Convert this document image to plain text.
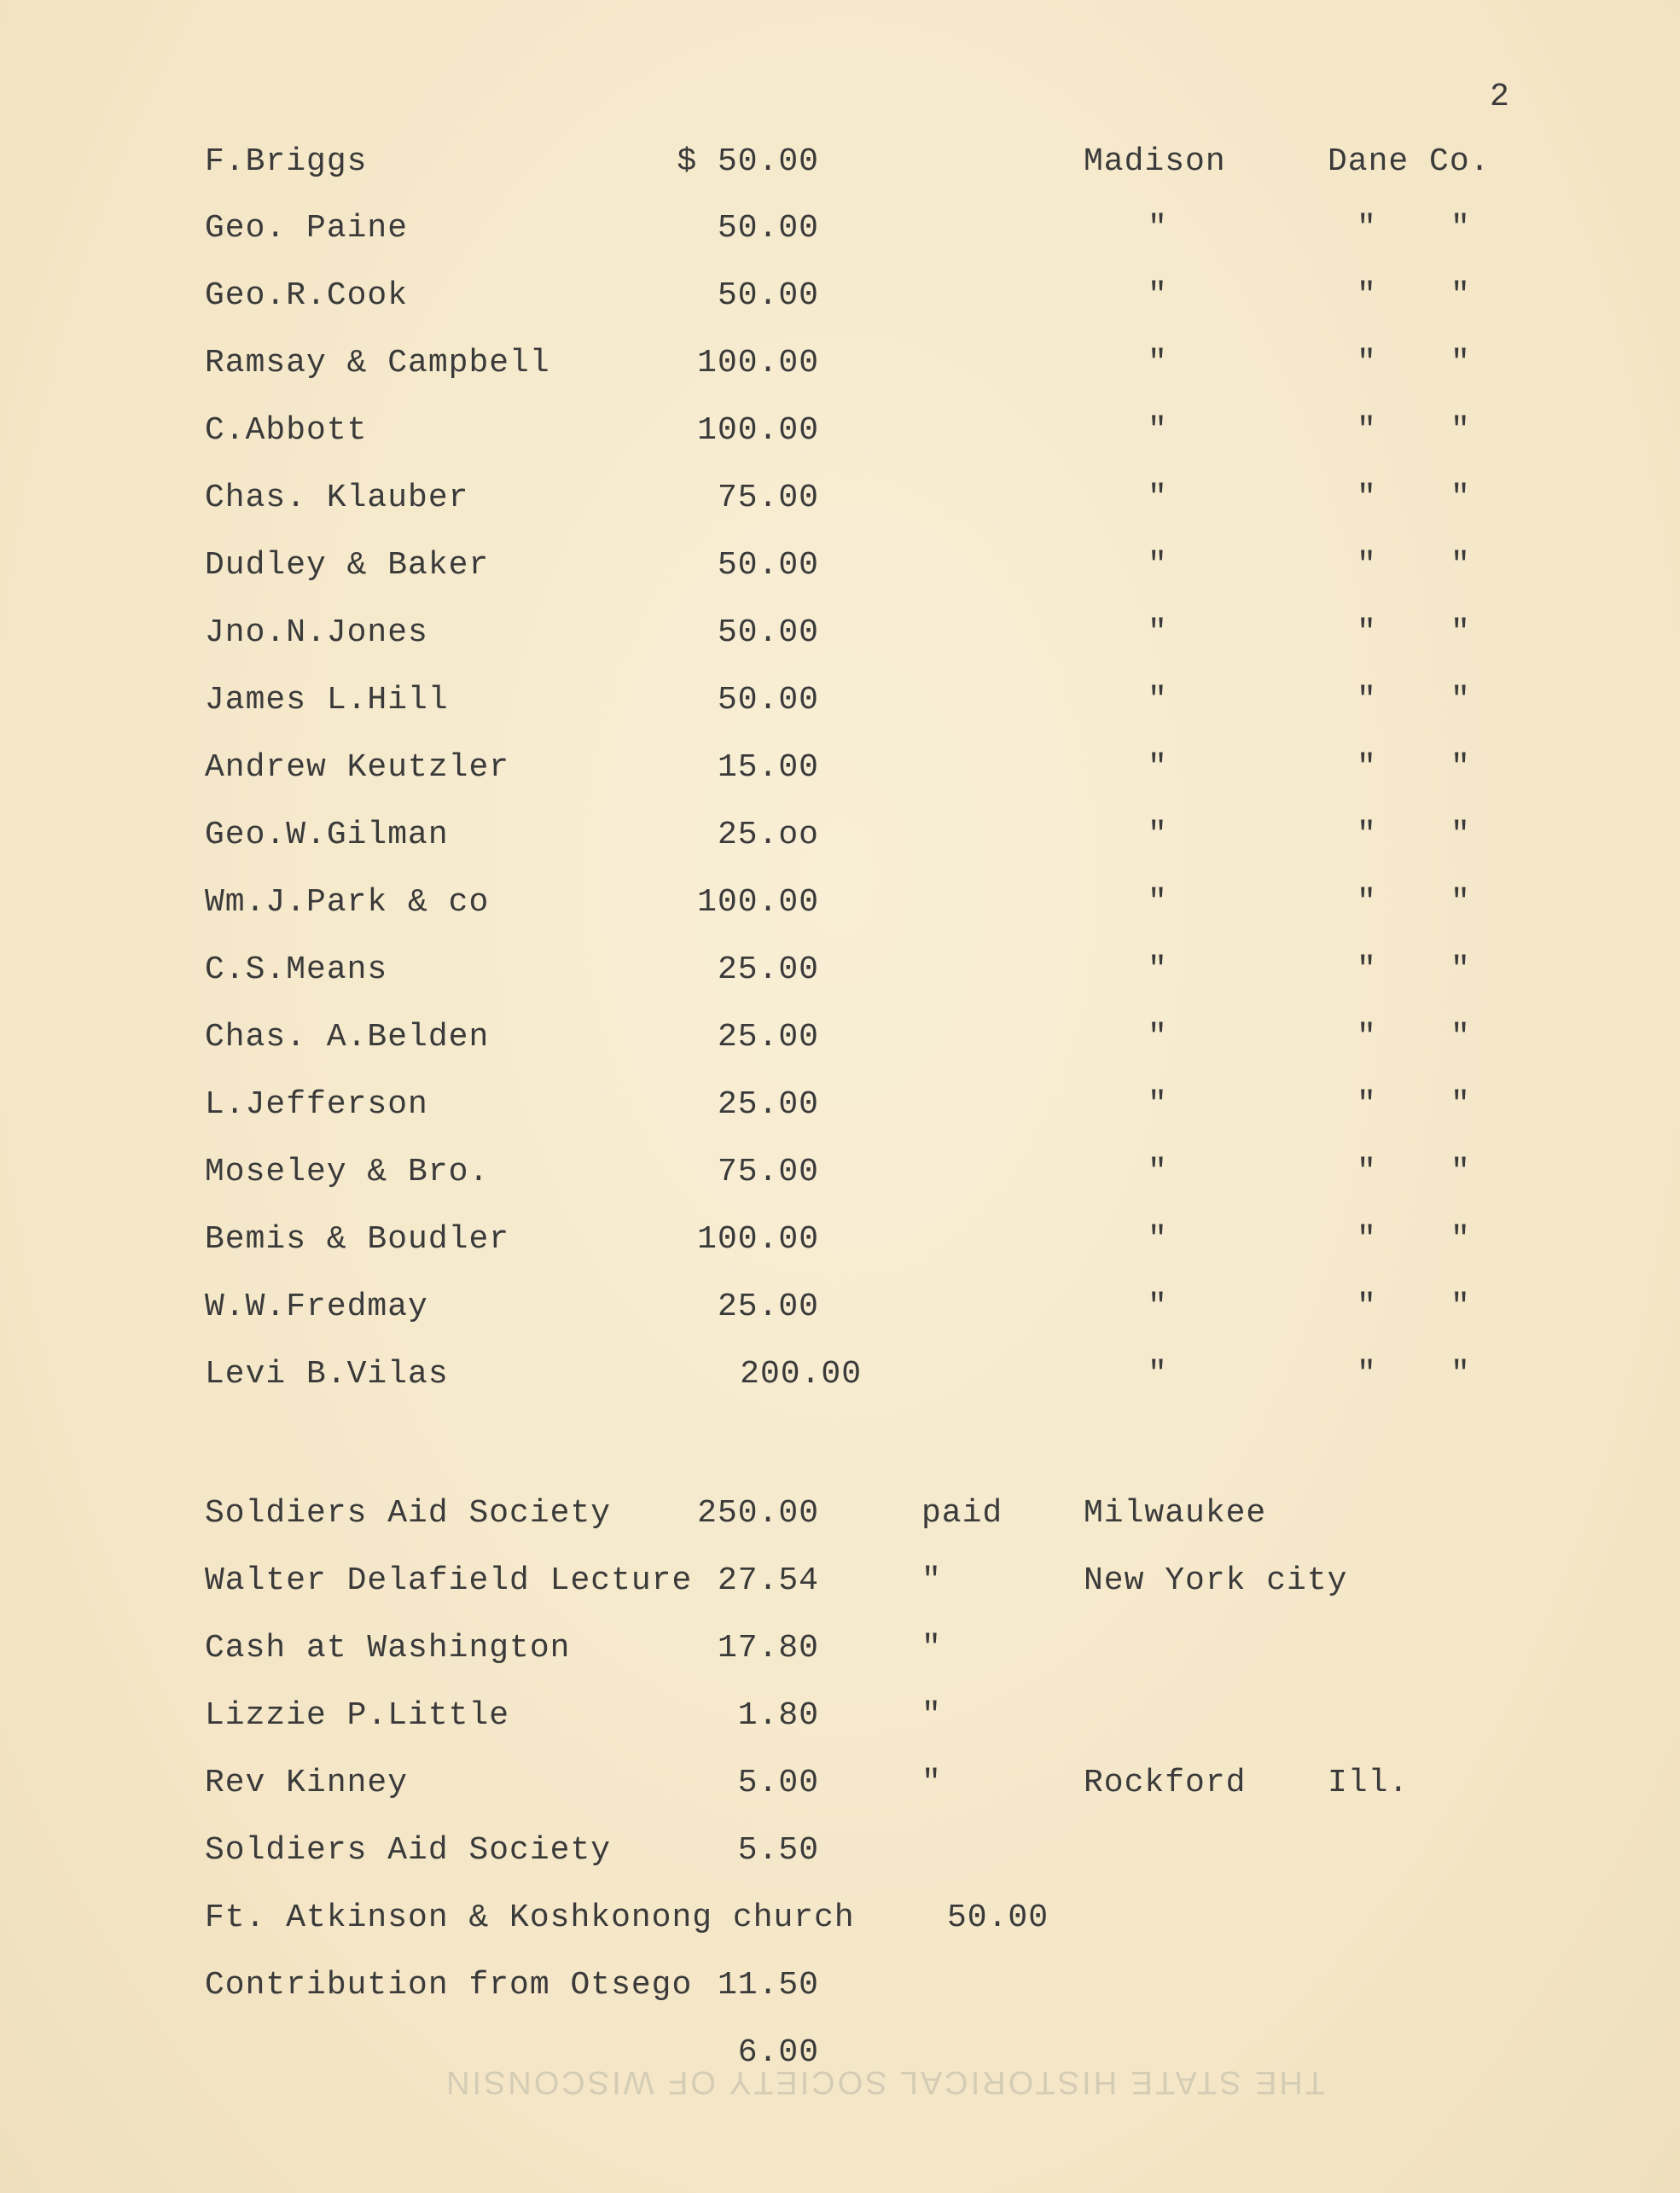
2
F.Briggs	$ 50.00	Madison	Dane Co.
Geo. Paine	50.00	"	" "
Geo.R.Cook	50.00	"	" "
Ramsay & Campbell	100.00	"	" "
C.Abbott	100.00	"	" "
Chas. Klauber	75.00	"	" "
Dudley & Baker	50.00	"	" "
Jno.N.Jones	50.00	"	" "
James L.Hill	50.00	"	" "
Andrew Keutzler	15.00	"	" "
Geo.W.Gilman	25.oo	"	" "
Wm.J.Park & co	100.00	"	" "
C.S.Means	25.00	"	" "
Chas. A.Belden	25.00	"	" "
L.Jefferson	25.00	"	" "
Moseley & Bro.	75.00	"	" "
Bemis & Boudler	100.00	"	" "
W.W.Fredmay	25.00	"	" "
Levi B.Vilas	200.00	"	" "
Soldiers Aid Society	250.00	paid Milwaukee
Walter Delafield Lecture 27.54	"	New York city
Cash at Washington	17.80	"
Lizzie P.Little	1.80	"
Rev Kinney	5.00	"	Rockford	Ill.
Soldiers Aid Society	5.50
Ft. Atkinson & Koshkonong church	50.00
Contribution from Otsego 11.50
6.00
THE STATE HISTORICAL SOCIETY OF WISCONSIN
